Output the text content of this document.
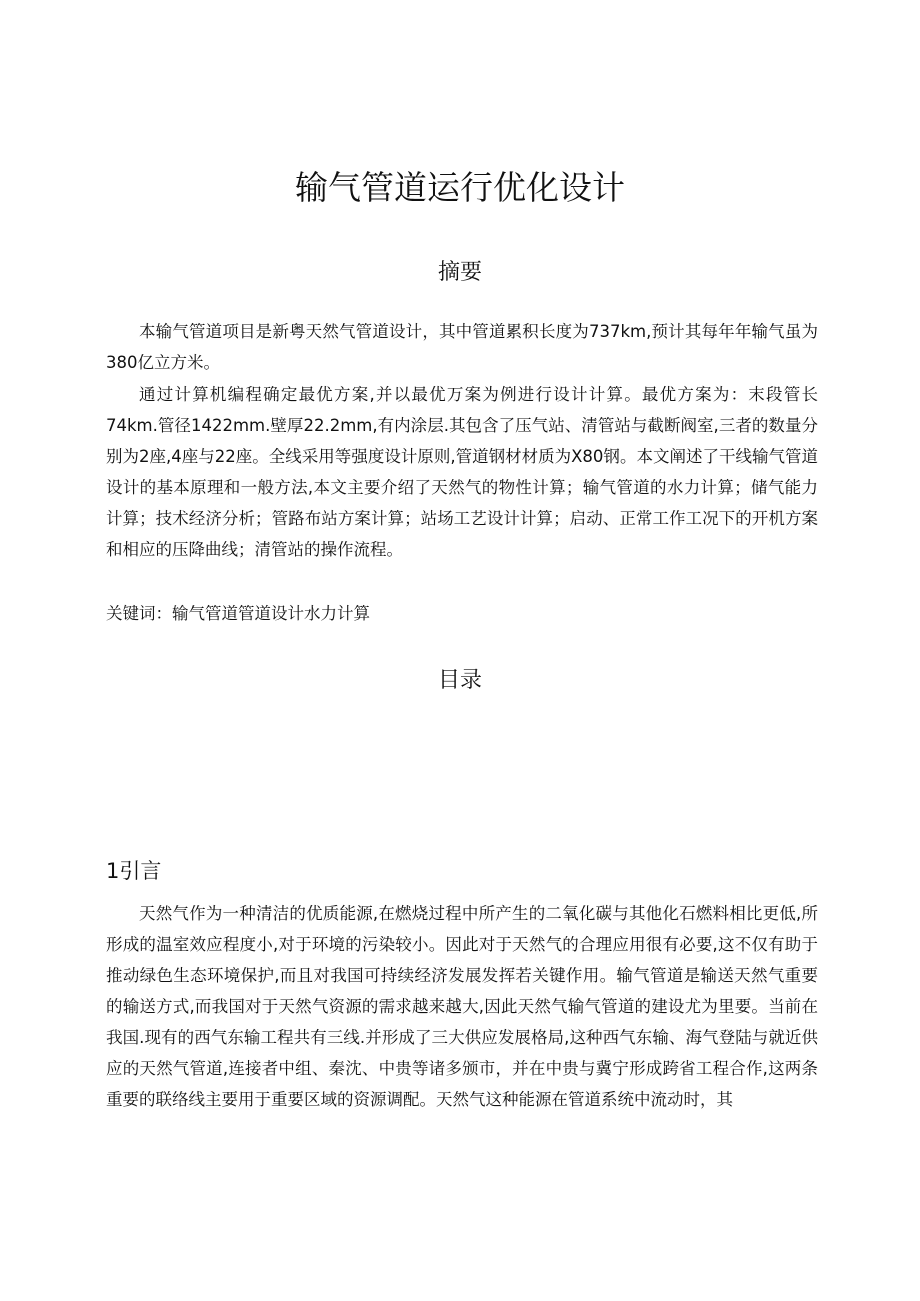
输气管道运行优化设计
摘要

本输气管道项目是新粤天然气管道设计，其中管道累积长度为737km,预计其每年年输气虽为380亿立方米。

通过计算机编程确定最优方案,并以最优万案为例进行设计计算。最优方案为：末段管长74km.管径1422mm.壁厚22.2mm,有内涂层.其包含了压气站、清管站与截断阀室,三者的数量分别为2座,4座与22座。全线采用等强度设计原则,管道钢材材质为X80钢。本文阐述了干线输气管道设计的基本原理和一般方法,本文主要介绍了天然气的物性计算；输气管道的水力计算；储气能力计算；技术经济分析；管路布站方案计算；站场工艺设计计算；启动、正常工作工况下的开机方案和相应的压降曲线；清管站的操作流程。

关键词：输气管道管道设计水力计算
目录
1引言

天然气作为一种清洁的优质能源,在燃烧过程中所产生的二氧化碳与其他化石燃料相比更低,所形成的温室效应程度小,对于环境的污染较小。因此对于天然气的合理应用很有必要,这不仅有助于推动绿色生态环境保护,而且对我国可持续经济发展发挥若关键作用。输气管道是输送天然气重要的输送方式,而我国对于天然气资源的需求越来越大,因此天然气输气管道的建设尤为里要。当前在我国.现有的西气东输工程共有三线.并形成了三大供应发展格局,这种西气东输、海气登陆与就近供应的天然气管道,连接者中组、秦沈、中贵等诸多颁市，并在中贵与冀宁形成跨省工程合作,这两条重要的联络线主要用于重要区域的资源调配。天然气这种能源在管道系统中流动时，其
